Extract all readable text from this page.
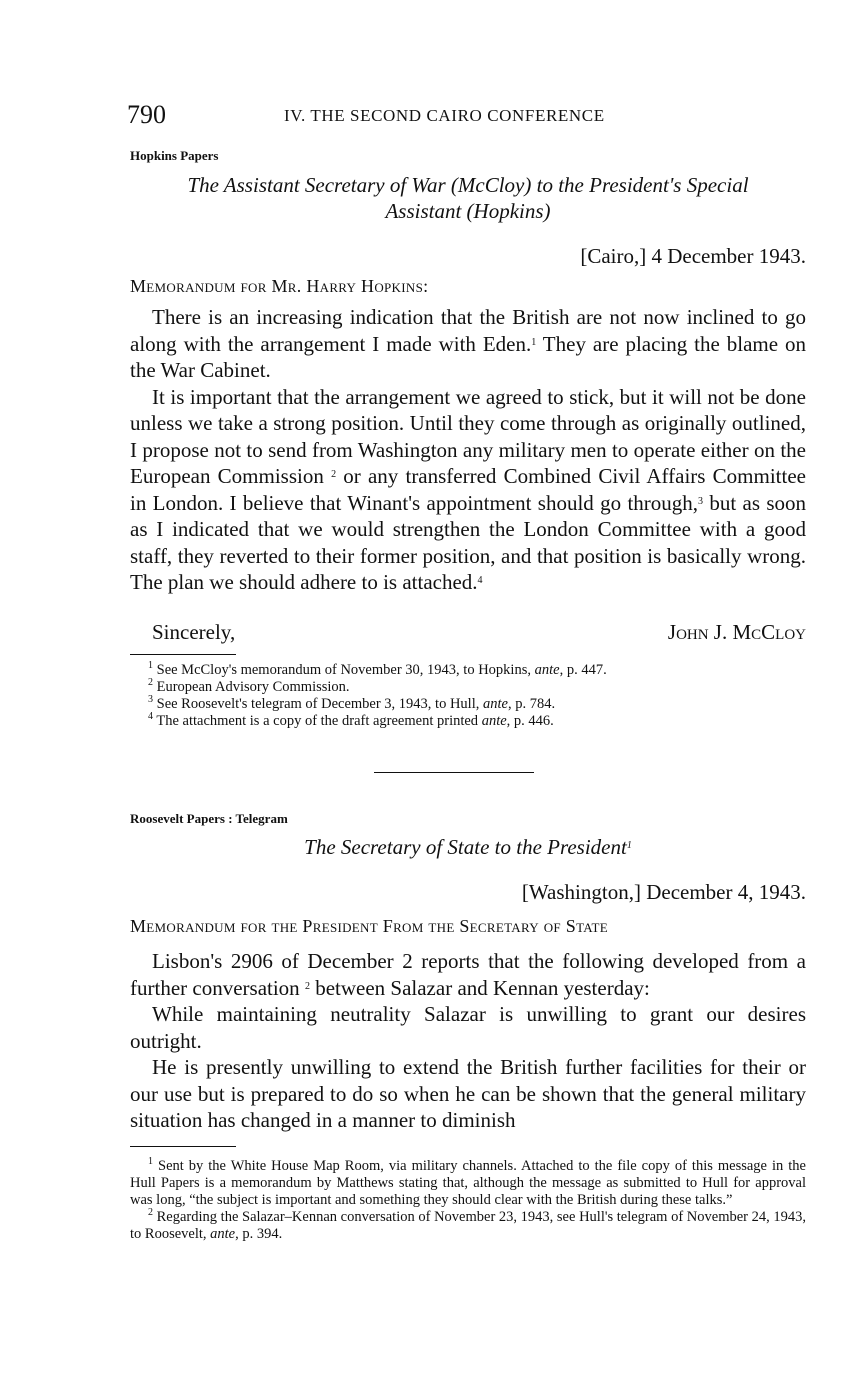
790	IV. THE SECOND CAIRO CONFERENCE
Hopkins Papers
The Assistant Secretary of War (McCloy) to the President's Special
Assistant (Hopkins)
[Cairo,] 4 December 1943.
Memorandum for Mr. Harry Hopkins:

There is an increasing indication that the British are not now inclined to go along with the arrangement I made with Eden.$^1$ They are placing the blame on the War Cabinet.

It is important that the arrangement we agreed to stick, but it will not be done unless we take a strong position. Until they come through as originally outlined, I propose not to send from Washington any military men to operate either on the European Commission $^2$ or any transferred Combined Civil Affairs Committee in London. I believe that Winant's appointment should go through,$^3$ but as soon as I indicated that we would strengthen the London Committee with a good staff, they reverted to their former position, and that position is basically wrong. The plan we should adhere to is attached.$^4$

Sincerely,	John J. McCloy
$^1$ See McCloy's memorandum of November 30, 1943, to Hopkins, ante, p. 447.
$^2$ European Advisory Commission.
$^3$ See Roosevelt's telegram of December 3, 1943, to Hull, ante, p. 784.
$^4$ The attachment is a copy of the draft agreement printed ante, p. 446.
Roosevelt Papers : Telegram
The Secretary of State to the President$^1$
[Washington,] December 4, 1943.
Memorandum for the President From the Secretary of State

Lisbon's 2906 of December 2 reports that the following developed from a further conversation $^2$ between Salazar and Kennan yesterday:

While maintaining neutrality Salazar is unwilling to grant our desires outright.

He is presently unwilling to extend the British further facilities for their or our use but is prepared to do so when he can be shown that the general military situation has changed in a manner to diminish

$^1$ Sent by the White House Map Room, via military channels. Attached to the file copy of this message in the Hull Papers is a memorandum by Matthews stating that, although the message as submitted to Hull for approval was long, “the subject is important and something they should clear with the British during these talks.”
$^2$ Regarding the Salazar–Kennan conversation of November 23, 1943, see Hull's telegram of November 24, 1943, to Roosevelt, ante, p. 394.
